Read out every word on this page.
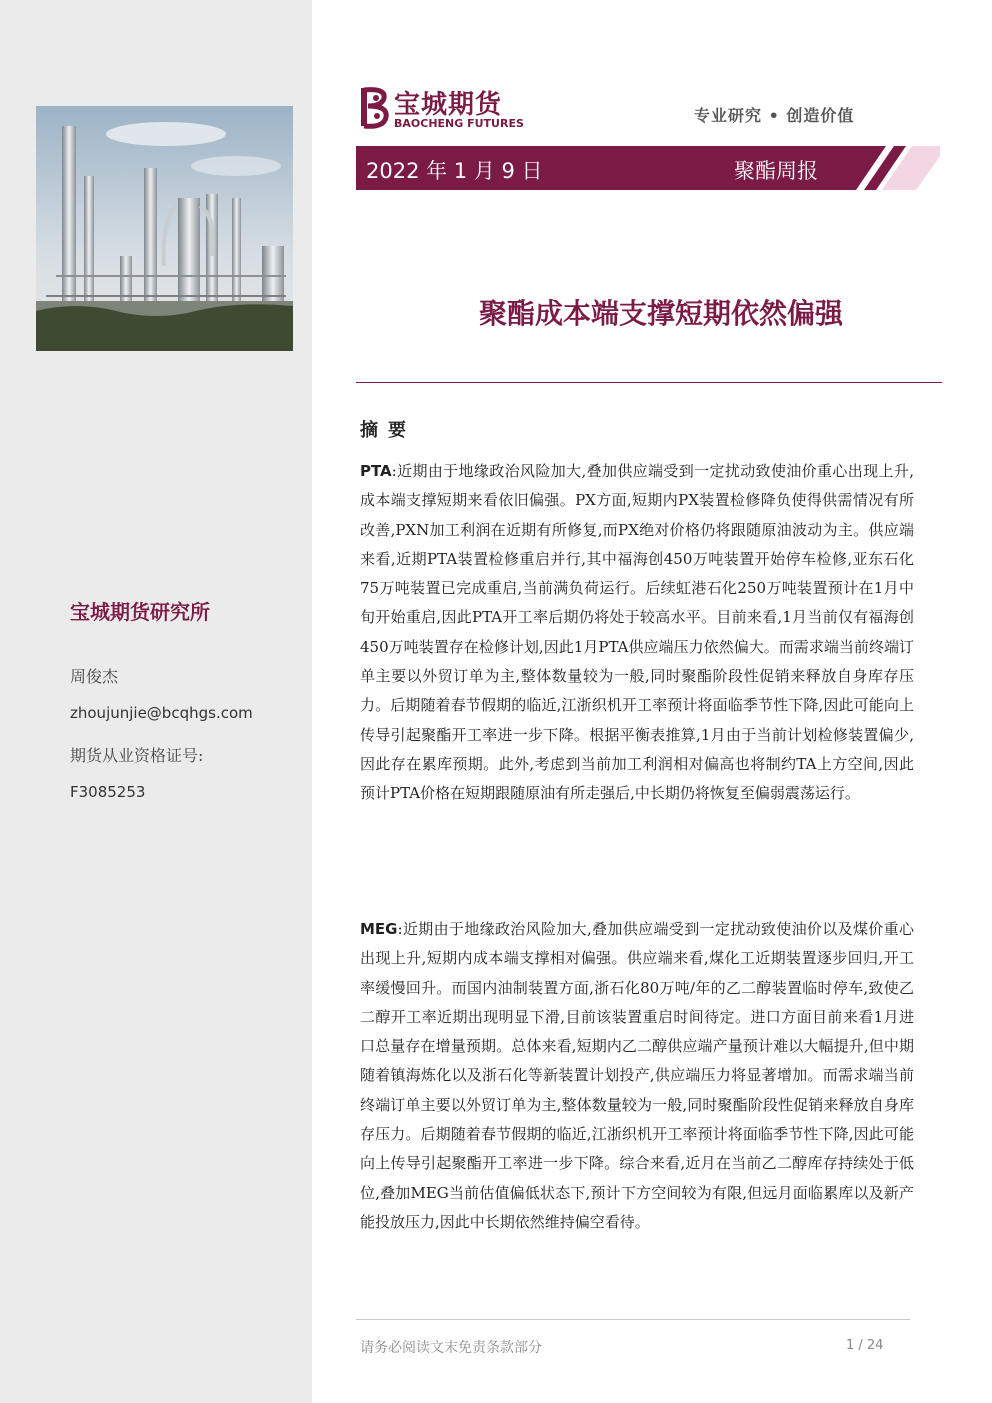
宝城期货研究所
周俊杰
zhoujunjie@bcqhgs.com
期货从业资格证号:
F3085253
宝城期货
BAOCHENG FUTURES	专业研究 • 创造价值
2022 年 1 月 9 日	聚酯周报
聚酯成本端支撑短期依然偏强
摘要
PTA:近期由于地缘政治风险加大,叠加供应端受到一定扰动致使油价重心出现上升,成本端支撑短期来看依旧偏强。PX方面,短期内PX装置检修降负使得供需情况有所改善,PXN加工利润在近期有所修复,而PX绝对价格仍将跟随原油波动为主。供应端来看,近期PTA装置检修重启并行,其中福海创450万吨装置开始停车检修,亚东石化75万吨装置已完成重启,当前满负荷运行。后续虹港石化250万吨装置预计在1月中旬开始重启,因此PTA开工率后期仍将处于较高水平。目前来看,1月当前仅有福海创450万吨装置存在检修计划,因此1月PTA供应端压力依然偏大。而需求端当前终端订单主要以外贸订单为主,整体数量较为一般,同时聚酯阶段性促销来释放自身库存压力。后期随着春节假期的临近,江浙织机开工率预计将面临季节性下降,因此可能向上传导引起聚酯开工率进一步下降。根据平衡表推算,1月由于当前计划检修装置偏少,因此存在累库预期。此外,考虑到当前加工利润相对偏高也将制约TA上方空间,因此预计PTA价格在短期跟随原油有所走强后,中长期仍将恢复至偏弱震荡运行。
MEG:近期由于地缘政治风险加大,叠加供应端受到一定扰动致使油价以及煤价重心出现上升,短期内成本端支撑相对偏强。供应端来看,煤化工近期装置逐步回归,开工率缓慢回升。而国内油制装置方面,浙石化80万吨/年的乙二醇装置临时停车,致使乙二醇开工率近期出现明显下滑,目前该装置重启时间待定。进口方面目前来看1月进口总量存在增量预期。总体来看,短期内乙二醇供应端产量预计难以大幅提升,但中期随着镇海炼化以及浙石化等新装置计划投产,供应端压力将显著增加。而需求端当前终端订单主要以外贸订单为主,整体数量较为一般,同时聚酯阶段性促销来释放自身库存压力。后期随着春节假期的临近,江浙织机开工率预计将面临季节性下降,因此可能向上传导引起聚酯开工率进一步下降。综合来看,近月在当前乙二醇库存持续处于低位,叠加MEG当前估值偏低状态下,预计下方空间较为有限,但远月面临累库以及新产能投放压力,因此中长期依然维持偏空看待。
请务必阅读文末免责条款部分	1 / 24
